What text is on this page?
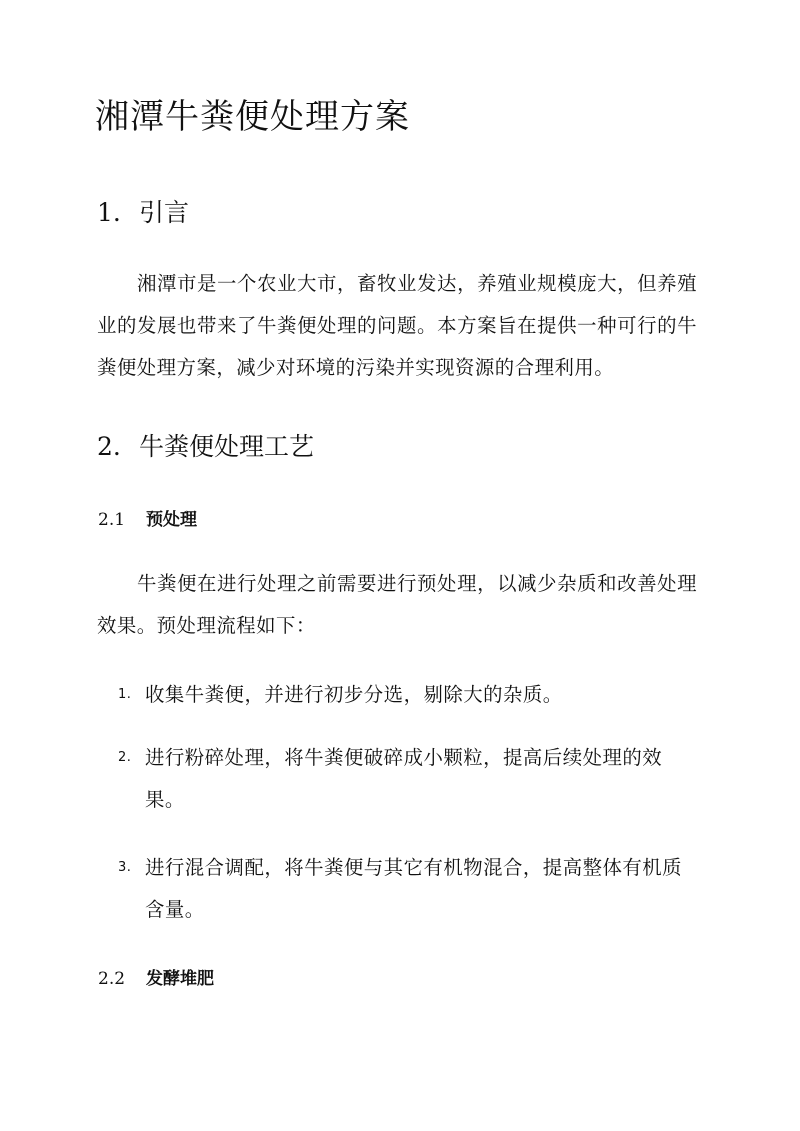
湘潭牛粪便处理方案
1. 引言

湘潭市是一个农业大市，畜牧业发达，养殖业规模庞大，但养殖业的发展也带来了牛粪便处理的问题。本方案旨在提供一种可行的牛粪便处理方案，减少对环境的污染并实现资源的合理利用。

2. 牛粪便处理工艺
2.1 预处理

牛粪便在进行处理之前需要进行预处理，以减少杂质和改善处理效果。预处理流程如下：

1. 收集牛粪便，并进行初步分选，剔除大的杂质。
2. 进行粉碎处理，将牛粪便破碎成小颗粒，提高后续处理的效果。
3. 进行混合调配，将牛粪便与其它有机物混合，提高整体有机质含量。
2.2 发酵堆肥
